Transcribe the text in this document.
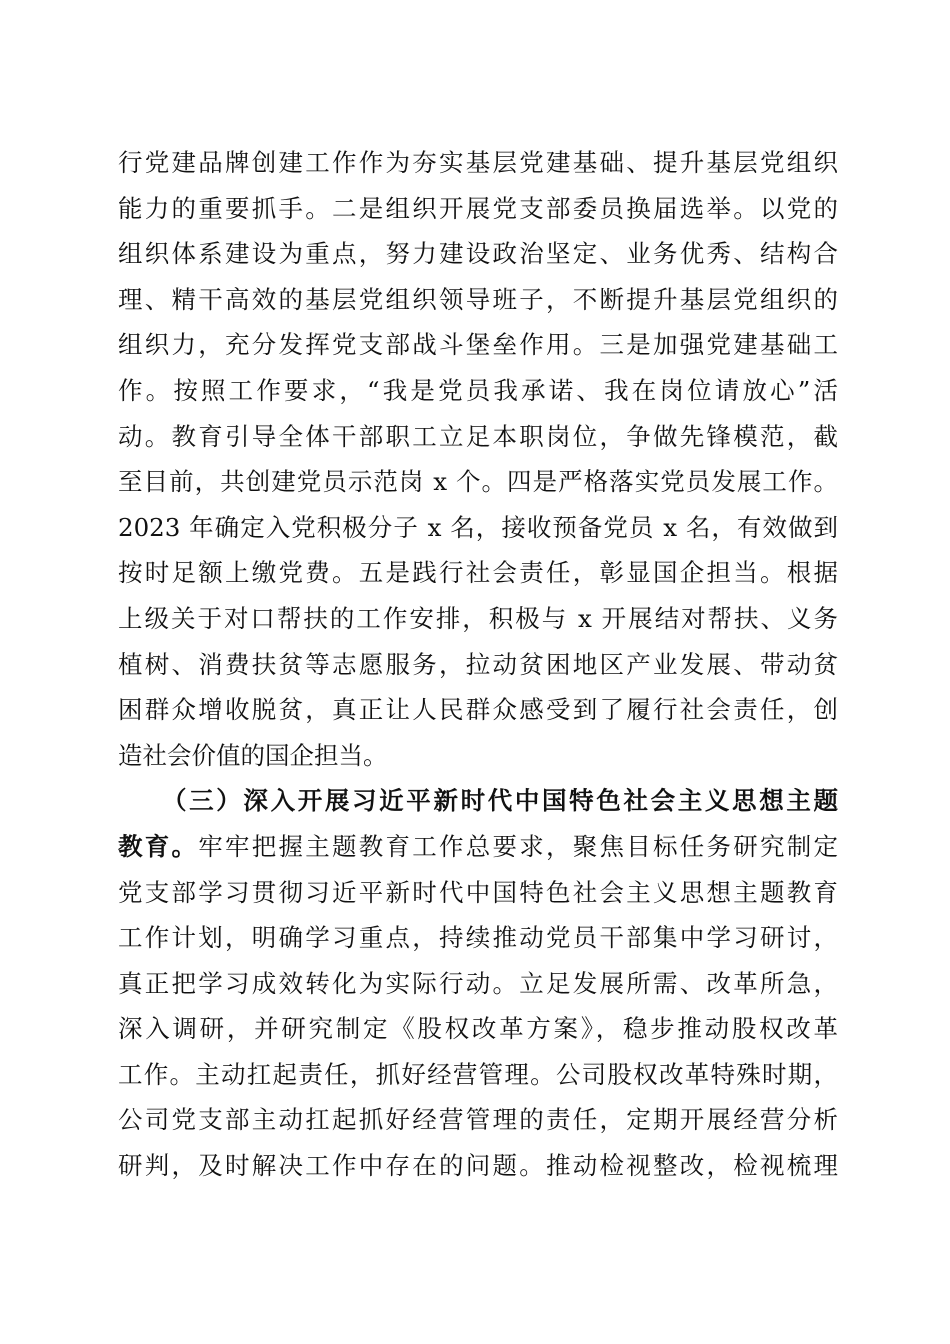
行党建品牌创建工作作为夯实基层党建基础、提升基层党组织
能力的重要抓手。二是组织开展党支部委员换届选举。以党的
组织体系建设为重点，努力建设政治坚定、业务优秀、结构合
理、精干高效的基层党组织领导班子，不断提升基层党组织的
组织力，充分发挥党支部战斗堡垒作用。三是加强党建基础工
作。按照工作要求，“我是党员我承诺、我在岗位请放心”活
动。教育引导全体干部职工立足本职岗位，争做先锋模范，截
至目前，共创建党员示范岗 x 个。四是严格落实党员发展工作。
2023 年确定入党积极分子 x 名，接收预备党员 x 名，有效做到
按时足额上缴党费。五是践行社会责任，彰显国企担当。根据
上级关于对口帮扶的工作安排，积极与 x 开展结对帮扶、义务
植树、消费扶贫等志愿服务，拉动贫困地区产业发展、带动贫
困群众增收脱贫，真正让人民群众感受到了履行社会责任，创
造社会价值的国企担当。
（三）深入开展习近平新时代中国特色社会主义思想主题
教育。牢牢把握主题教育工作总要求，聚焦目标任务研究制定
党支部学习贯彻习近平新时代中国特色社会主义思想主题教育
工作计划，明确学习重点，持续推动党员干部集中学习研讨，
真正把学习成效转化为实际行动。立足发展所需、改革所急，
深入调研，并研究制定《股权改革方案》，稳步推动股权改革
工作。主动扛起责任，抓好经营管理。公司股权改革特殊时期，
公司党支部主动扛起抓好经营管理的责任，定期开展经营分析
研判，及时解决工作中存在的问题。推动检视整改，检视梳理
